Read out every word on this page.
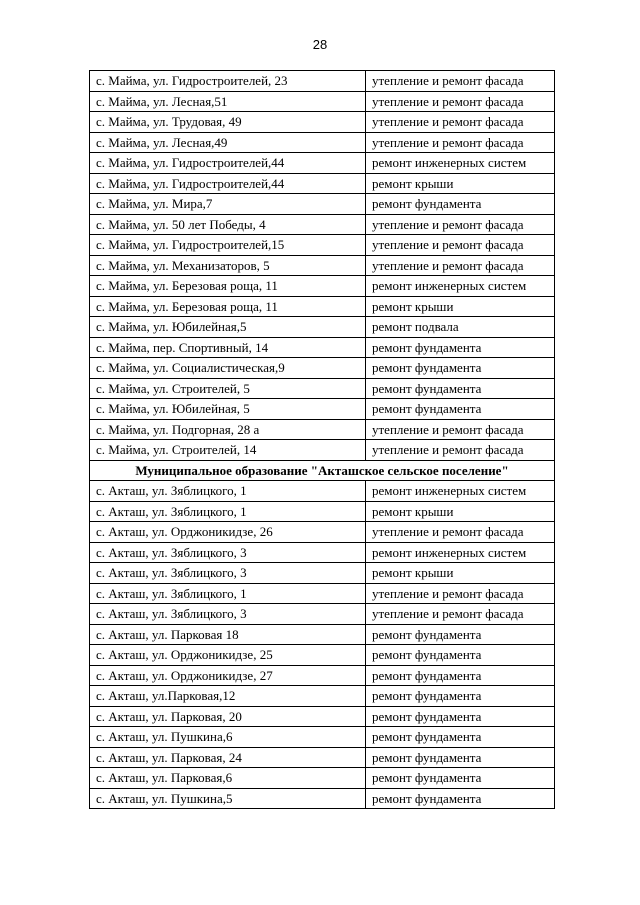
28
с. Майма, ул. Гидростроителей, 23	утепление и ремонт фасада
с. Майма, ул. Лесная,51	утепление и ремонт фасада
с. Майма, ул. Трудовая, 49	утепление и ремонт фасада
с. Майма, ул. Лесная,49	утепление и ремонт фасада
с. Майма, ул. Гидростроителей,44	ремонт инженерных систем
с. Майма, ул. Гидростроителей,44	ремонт крыши
с. Майма, ул. Мира,7	ремонт фундамента
с. Майма, ул. 50 лет Победы, 4	утепление и ремонт фасада
с. Майма, ул. Гидростроителей,15	утепление и ремонт фасада
с. Майма, ул. Механизаторов, 5	утепление и ремонт фасада
с. Майма, ул. Березовая роща, 11	ремонт инженерных систем
с. Майма, ул. Березовая роща, 11	ремонт крыши
с. Майма, ул. Юбилейная,5	ремонт подвала
с. Майма, пер. Спортивный, 14	ремонт фундамента
с. Майма, ул. Социалистическая,9	ремонт фундамента
с. Майма, ул. Строителей, 5	ремонт фундамента
с. Майма, ул. Юбилейная, 5	ремонт фундамента
с. Майма, ул. Подгорная, 28 а	утепление и ремонт фасада
с. Майма, ул. Строителей, 14	утепление и ремонт фасада
Муниципальное образование "Акташское сельское поселение"	
с. Акташ, ул. Зяблицкого, 1	ремонт инженерных систем
с. Акташ, ул. Зяблицкого, 1	ремонт крыши
с. Акташ, ул. Орджоникидзе, 26	утепление и ремонт фасада
с. Акташ, ул. Зяблицкого, 3	ремонт инженерных систем
с. Акташ, ул. Зяблицкого, 3	ремонт крыши
с. Акташ, ул. Зяблицкого, 1	утепление и ремонт фасада
с. Акташ, ул. Зяблицкого, 3	утепление и ремонт фасада
с. Акташ, ул. Парковая 18	ремонт фундамента
с. Акташ, ул. Орджоникидзе, 25	ремонт фундамента
с. Акташ, ул. Орджоникидзе, 27	ремонт фундамента
с. Акташ, ул.Парковая,12	ремонт фундамента
с. Акташ, ул. Парковая, 20	ремонт фундамента
с. Акташ, ул. Пушкина,6	ремонт фундамента
с. Акташ, ул. Парковая, 24	ремонт фундамента
с. Акташ, ул. Парковая,6	ремонт фундамента
с. Акташ, ул. Пушкина,5	ремонт фундамента
